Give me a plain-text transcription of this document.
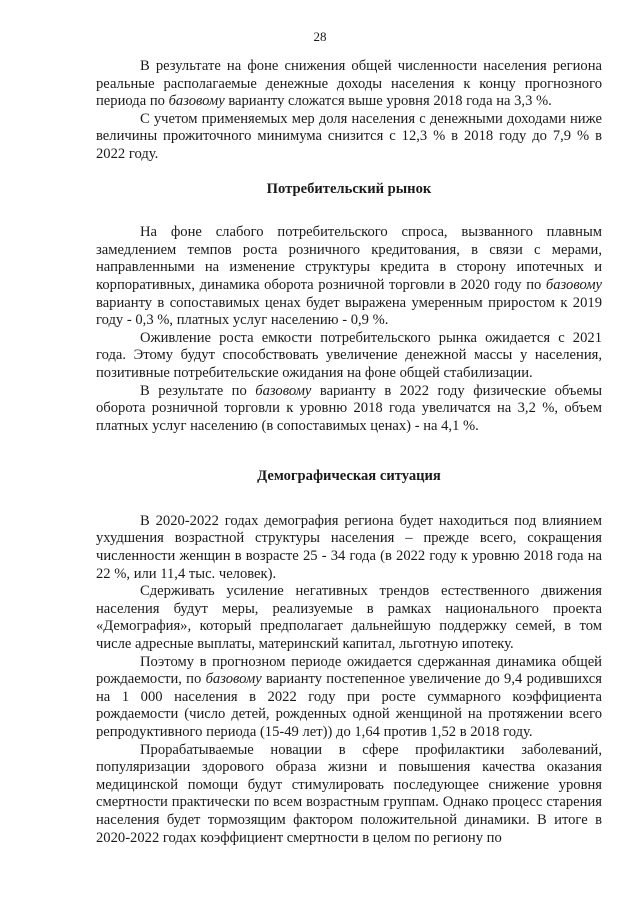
28

В результате на фоне снижения общей численности населения региона реальные располагаемые денежные доходы населения к концу прогнозного периода по базовому варианту сложатся выше уровня 2018 года на 3,3 %.

С учетом применяемых мер доля населения с денежными доходами ниже величины прожиточного минимума снизится с 12,3 % в 2018 году до 7,9 % в 2022 году.

Потребительский рынок

На фоне слабого потребительского спроса, вызванного плавным замедлением темпов роста розничного кредитования, в связи с мерами, направленными на изменение структуры кредита в сторону ипотечных и корпоративных, динамика оборота розничной торговли в 2020 году по базовому варианту в сопоставимых ценах будет выражена умеренным приростом к 2019 году - 0,3 %, платных услуг населению - 0,9 %.

Оживление роста емкости потребительского рынка ожидается с 2021 года. Этому будут способствовать увеличение денежной массы у населения, позитивные потребительские ожидания на фоне общей стабилизации.

В результате по базовому варианту в 2022 году физические объемы оборота розничной торговли к уровню 2018 года увеличатся на 3,2 %, объем платных услуг населению (в сопоставимых ценах) - на 4,1 %.

Демографическая ситуация

В 2020-2022 годах демография региона будет находиться под влиянием ухудшения возрастной структуры населения – прежде всего, сокращения численности женщин в возрасте 25 - 34 года (в 2022 году к уровню 2018 года на 22 %, или 11,4 тыс. человек).

Сдерживать усиление негативных трендов естественного движения населения будут меры, реализуемые в рамках национального проекта «Демография», который предполагает дальнейшую поддержку семей, в том числе адресные выплаты, материнский капитал, льготную ипотеку.

Поэтому в прогнозном периоде ожидается сдержанная динамика общей рождаемости, по базовому варианту постепенное увеличение до 9,4 родившихся на 1 000 населения в 2022 году при росте суммарного коэффициента рождаемости (число детей, рожденных одной женщиной на протяжении всего репродуктивного периода (15-49 лет)) до 1,64 против 1,52 в 2018 году.

Прорабатываемые новации в сфере профилактики заболеваний, популяризации здорового образа жизни и повышения качества оказания медицинской помощи будут стимулировать последующее снижение уровня смертности практически по всем возрастным группам. Однако процесс старения населения будет тормозящим фактором положительной динамики. В итоге в 2020-2022 годах коэффициент смертности в целом по региону по
